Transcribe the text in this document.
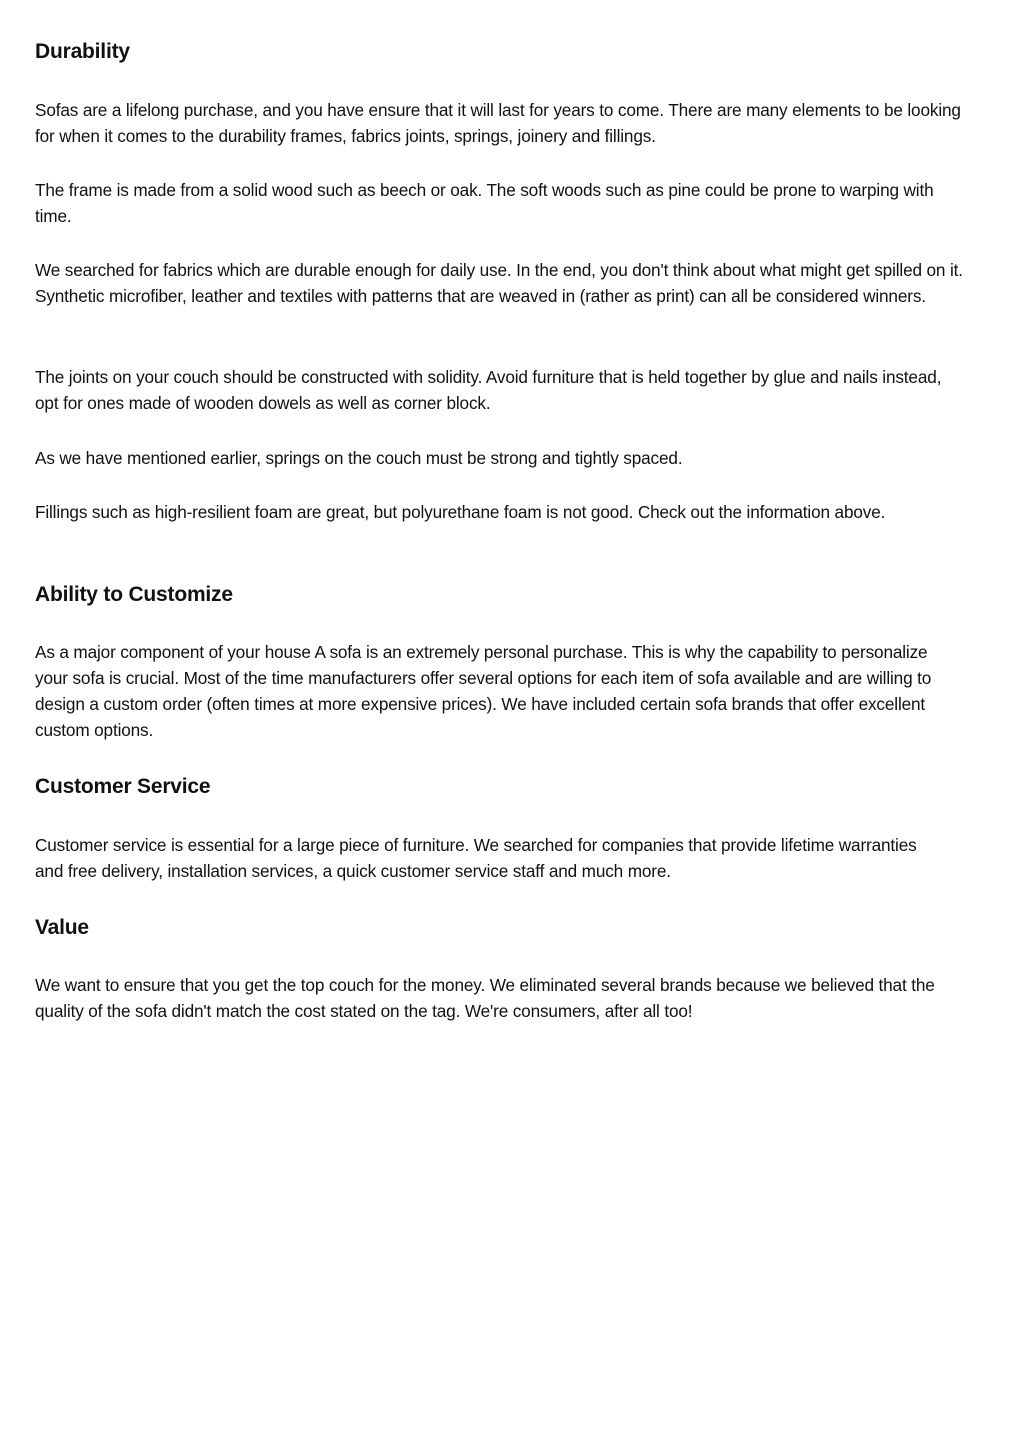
Durability

Sofas are a lifelong purchase, and you have ensure that it will last for years to come. There are many elements to be looking for when it comes to the durability frames, fabrics joints, springs, joinery and fillings.

The frame is made from a solid wood such as beech or oak. The soft woods such as pine could be prone to warping with time.

We searched for fabrics which are durable enough for daily use. In the end, you don't think about what might get spilled on it. Synthetic microfiber, leather and textiles with patterns that are weaved in (rather as print) can all be considered winners.

The joints on your couch should be constructed with solidity. Avoid furniture that is held together by glue and nails instead, opt for ones made of wooden dowels as well as corner block.

As we have mentioned earlier, springs on the couch must be strong and tightly spaced.

Fillings such as high-resilient foam are great, but polyurethane foam is not good. Check out the information above.

Ability to Customize

As a major component of your house A sofa is an extremely personal purchase. This is why the capability to personalize your sofa is crucial. Most of the time manufacturers offer several options for each item of sofa available and are willing to design a custom order (often times at more expensive prices). We have included certain sofa brands that offer excellent custom options.

Customer Service

Customer service is essential for a large piece of furniture. We searched for companies that provide lifetime warranties and free delivery, installation services, a quick customer service staff and much more.

Value

We want to ensure that you get the top couch for the money. We eliminated several brands because we believed that the quality of the sofa didn't match the cost stated on the tag. We're consumers, after all too!
